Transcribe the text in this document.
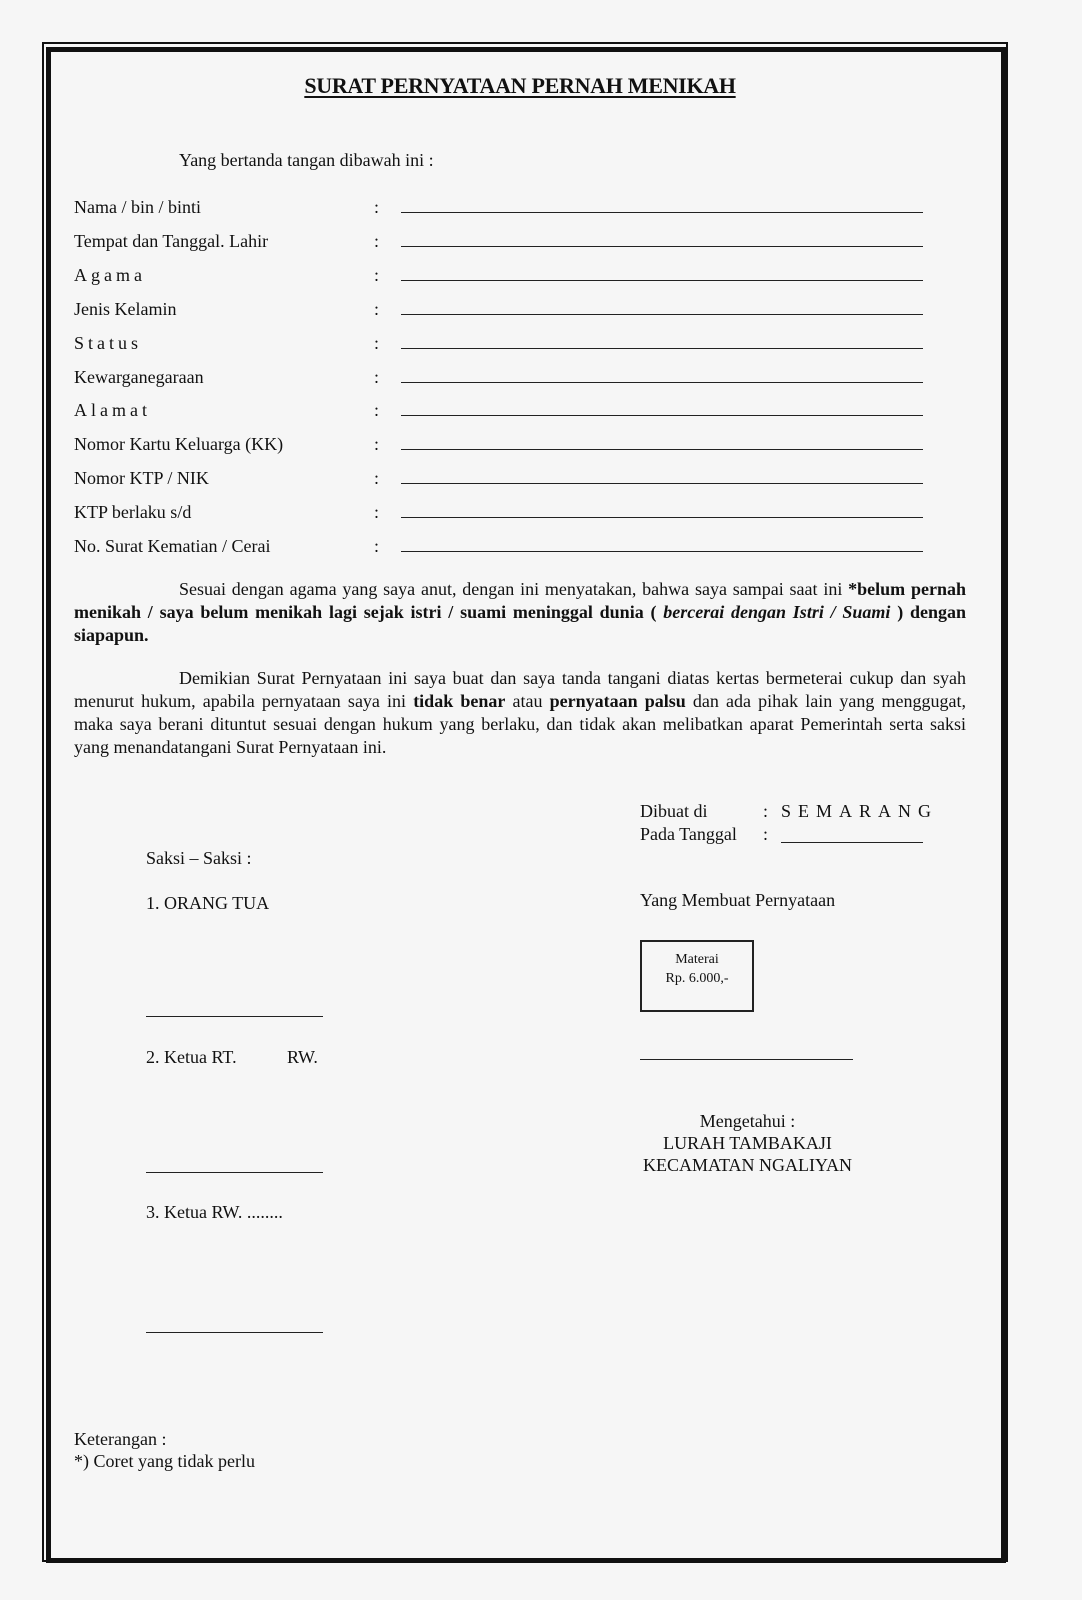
SURAT PERNYATAAN PERNAH MENIKAH
Yang bertanda tangan dibawah ini :
Nama / bin / binti	:
Tempat dan Tanggal. Lahir	:
Agama	:
Jenis Kelamin	:
Status	:
Kewarganegaraan	:
Alamat	:
Nomor Kartu Keluarga (KK)	:
Nomor KTP / NIK	:
KTP berlaku s/d	:
No. Surat Kematian / Cerai	:
Sesuai dengan agama yang saya anut, dengan ini menyatakan, bahwa saya sampai saat ini *belum pernah menikah / saya belum menikah lagi sejak istri / suami meninggal dunia ( bercerai dengan Istri / Suami ) dengan siapapun.
Demikian Surat Pernyataan ini saya buat dan saya tanda tangani diatas kertas bermeterai cukup dan syah menurut hukum, apabila pernyataan saya ini tidak benar atau pernyataan palsu dan ada pihak lain yang menggugat, maka saya berani dituntut sesuai dengan hukum yang berlaku, dan tidak akan melibatkan aparat Pemerintah serta saksi yang menandatangani Surat Pernyataan ini.
Dibuat di	: SEMARANG
Pada Tanggal :
Saksi – Saksi :
1. ORANG TUA
2. Ketua RT.	RW.
3. Ketua RW. ........
Yang Membuat Pernyataan
Materai
Rp. 6.000,-
Mengetahui :
LURAH TAMBAKAJI
KECAMATAN NGALIYAN
Keterangan :
*) Coret yang tidak perlu
